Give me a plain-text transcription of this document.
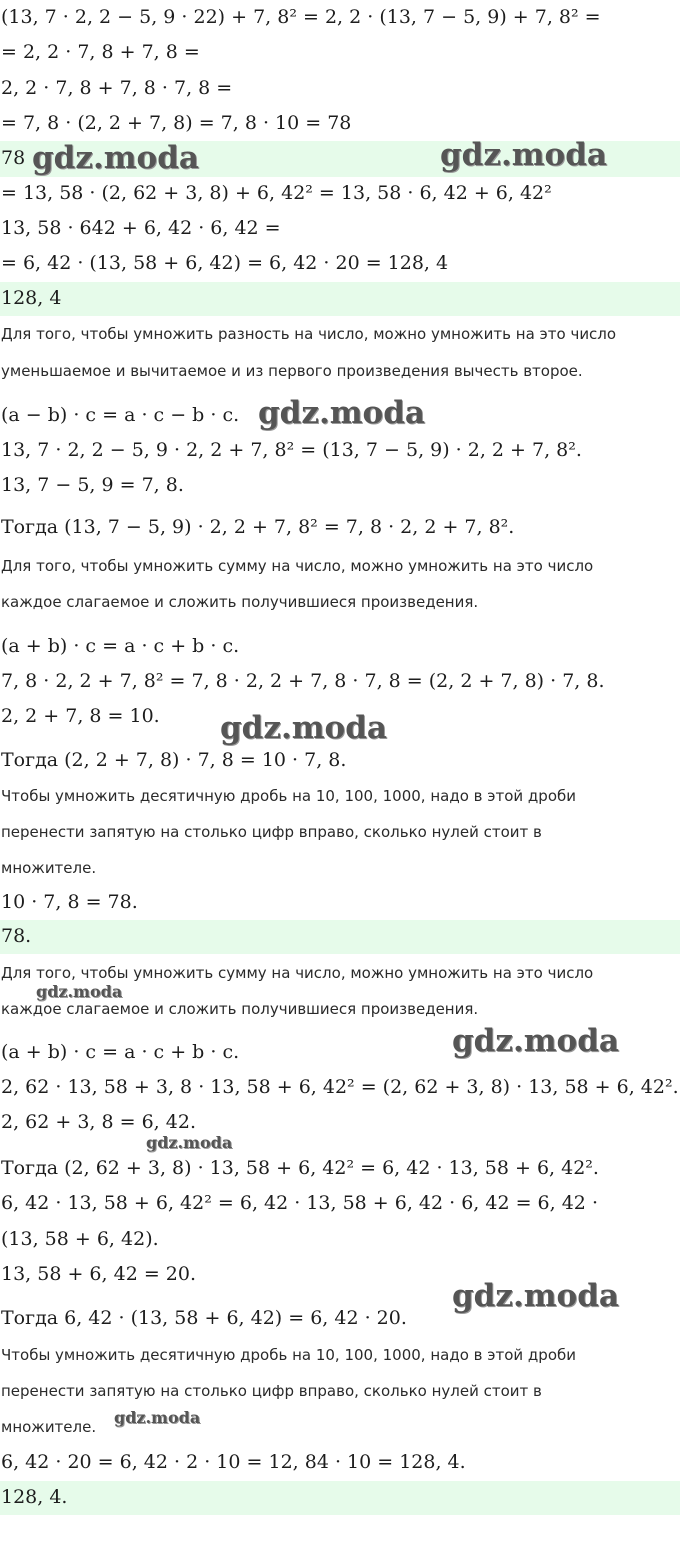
(13, 7 · 2, 2 − 5, 9 · 22) + 7, 8² = 2, 2 · (13, 7 − 5, 9) + 7, 8² =
= 2, 2 · 7, 8 + 7, 8 =
2, 2 · 7, 8 + 7, 8 · 7, 8 =
= 7, 8 · (2, 2 + 7, 8) = 7, 8 · 10 = 78
78
= 13, 58 · (2, 62 + 3, 8) + 6, 42² = 13, 58 · 6, 42 + 6, 42²
13, 58 · 642 + 6, 42 · 6, 42 =
= 6, 42 · (13, 58 + 6, 42) = 6, 42 · 20 = 128, 4
128, 4
Для того, чтобы умножить разность на число, можно умножить на это число
уменьшаемое и вычитаемое и из первого произведения вычесть второе.
(a − b) · c = a · c − b · c.
13, 7 · 2, 2 − 5, 9 · 2, 2 + 7, 8² = (13, 7 − 5, 9) · 2, 2 + 7, 8².
13, 7 − 5, 9 = 7, 8.
Тогда (13, 7 − 5, 9) · 2, 2 + 7, 8² = 7, 8 · 2, 2 + 7, 8².
Для того, чтобы умножить сумму на число, можно умножить на это число
каждое слагаемое и сложить получившиеся произведения.
(a + b) · c = a · c + b · c.
7, 8 · 2, 2 + 7, 8² = 7, 8 · 2, 2 + 7, 8 · 7, 8 = (2, 2 + 7, 8) · 7, 8.
2, 2 + 7, 8 = 10.
Тогда (2, 2 + 7, 8) · 7, 8 = 10 · 7, 8.
Чтобы умножить десятичную дробь на 10, 100, 1000, надо в этой дроби
перенести запятую на столько цифр вправо, сколько нулей стоит в
множителе.
10 · 7, 8 = 78.
78.
Для того, чтобы умножить сумму на число, можно умножить на это число
каждое слагаемое и сложить получившиеся произведения.
(a + b) · c = a · c + b · c.
2, 62 · 13, 58 + 3, 8 · 13, 58 + 6, 42² = (2, 62 + 3, 8) · 13, 58 + 6, 42².
2, 62 + 3, 8 = 6, 42.
Тогда (2, 62 + 3, 8) · 13, 58 + 6, 42² = 6, 42 · 13, 58 + 6, 42².
6, 42 · 13, 58 + 6, 42² = 6, 42 · 13, 58 + 6, 42 · 6, 42 = 6, 42 ·
(13, 58 + 6, 42).
13, 58 + 6, 42 = 20.
Тогда 6, 42 · (13, 58 + 6, 42) = 6, 42 · 20.
Чтобы умножить десятичную дробь на 10, 100, 1000, надо в этой дроби
перенести запятую на столько цифр вправо, сколько нулей стоит в
множителе.
6, 42 · 20 = 6, 42 · 2 · 10 = 12, 84 · 10 = 128, 4.
128, 4.
gdz.moda	gdz.moda
gdz.moda
gdz.moda
gdz.moda
gdz.moda
gdz.moda
gdz.moda
gdz.moda
